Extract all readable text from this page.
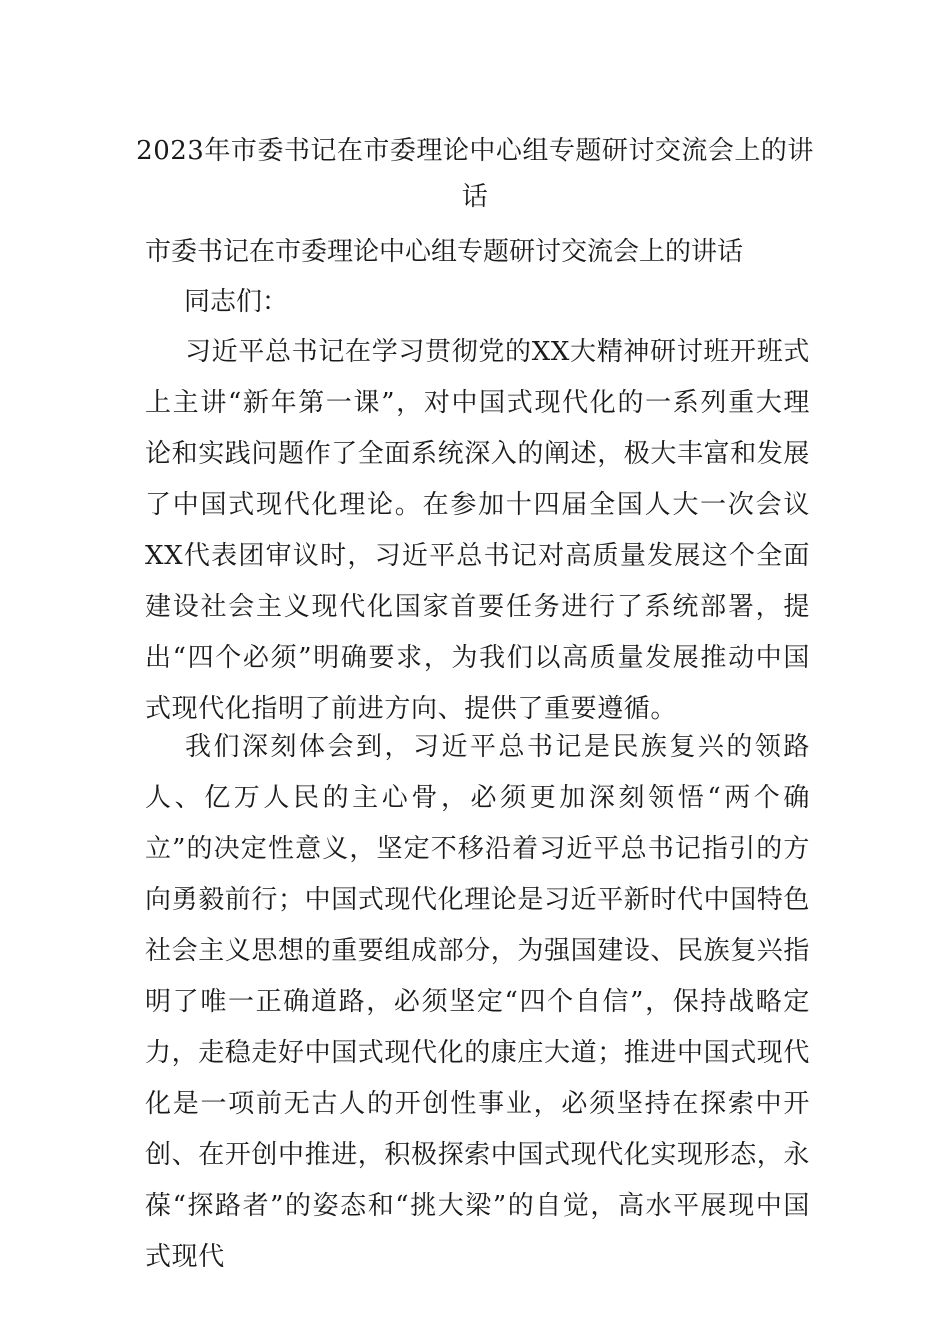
2023年市委书记在市委理论中心组专题研讨交流会上的讲话
市委书记在市委理论中心组专题研讨交流会上的讲话
同志们：

习近平总书记在学习贯彻党的XX大精神研讨班开班式上主讲“新年第一课”，对中国式现代化的一系列重大理论和实践问题作了全面系统深入的阐述，极大丰富和发展了中国式现代化理论。在参加十四届全国人大一次会议XX代表团审议时，习近平总书记对高质量发展这个全面建设社会主义现代化国家首要任务进行了系统部署，提出“四个必须”明确要求，为我们以高质量发展推动中国式现代化指明了前进方向、提供了重要遵循。

我们深刻体会到，习近平总书记是民族复兴的领路人、亿万人民的主心骨，必须更加深刻领悟“两个确立”的决定性意义，坚定不移沿着习近平总书记指引的方向勇毅前行；中国式现代化理论是习近平新时代中国特色社会主义思想的重要组成部分，为强国建设、民族复兴指明了唯一正确道路，必须坚定“四个自信”，保持战略定力，走稳走好中国式现代化的康庄大道；推进中国式现代化是一项前无古人的开创性事业，必须坚持在探索中开创、在开创中推进，积极探索中国式现代化实现形态，永葆“探路者”的姿态和“挑大梁”的自觉，高水平展现中国式现代
